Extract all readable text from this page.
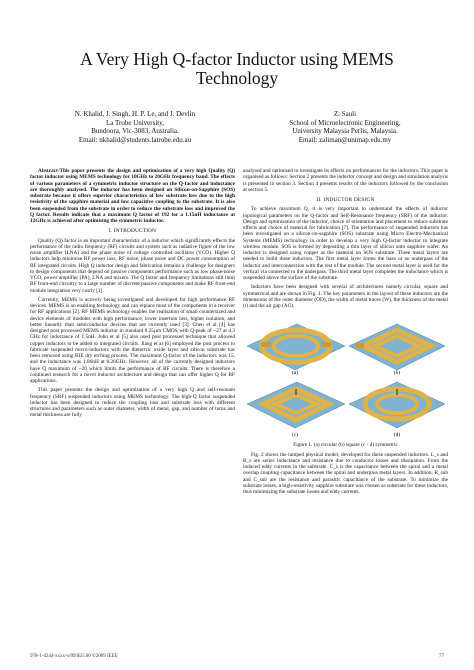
A Very High Q-factor Inductor using MEMS
Technology
N. Khalid, J. Singh, H. P. Le, and J. Devlin
La Trobe University,
Bundoora, Vic-3083, Australia.
Email: nkhalid@students.latrobe.edu.au
Z. Sauli
School of Microelectronic Engineering,
University Malaysia Perlis, Malaysia.
Email: zaliman@unimap.edu.my

Abstract-This paper presents the design and optimisation of a very high Quality (Q) factor inductor using MEMS technology for 10GHz to 20GHz frequency band. The effects of various parameters of a symmetric inductor structure on the Q-factor and inductance are thoroughly analysed. The inductor has been designed on Silicon-on-Sapphire (SOS) substrate because it offers superior characteristics of low substrate loss due to the high resistivity of the sapphire material and low capacitive coupling to the substrate. It is also been suspended from the substrate in order to reduce the substrate loss and improved the Q factor. Results indicate that a maximum Q factor of 192 for a 1.15nH inductance at 12GHz is achieved after optimising the symmetric inductor.

I. INTRODUCTION

Quality (Q) factor is an important characteristic of a inductor which significantly effects the performance of the radio frequency (RF) circuits and system such as radiative figure of the low noise amplifier (LNA) and the phase noise of voltage controlled oscillator (VCO). Higher Q inductors help minimise RF power loss, RF noise, phase noise and DC power consumption of RF integrated circuits. High Q inductor design and fabrication remains a challenge for designers to design components that depend on passive components performance such as low phase-noise VCO, power amplifier (PA), LNA and mixers. The Q factor and frequency limitations still limit RF front-end circuitry to a large number of discrete passive components and make RF front-end module integration very costly [1].

Currently, MEMS is actively being investigated and developed for high performance RF devices. MEMS is an enabling technology and can replace most of the components in a receiver for RF applications [2]. RF MEMS technology enables the realisation of small countersized and device elements of modules with high performance, lower insertion loss, higher isolation, and better linearity than semiconductor devices that are currently used [3]. Chen et al [4] has designed post processed MEMS inductor in standard 0.25µm CMOS with Q-peak of ~27 at 4.3 GHz for inductance of 1.5nH. John et al [5] also used post processed technique that allowed copper inductors to be added to integrated circuits. Jiang et al [6] employed the post process to fabricate suspended micro-inductors with the dielectric oxide layer and silicon substrate has been removed using RIE dry etching process. The maximum Q-factor of the inductors was 15, and the inductance was 1.86nH at 8.26GHz. However, all of the currently designed inductors have Q maximum of ~20 which limits the performance of RF circuits. There is therefore a continued research for a novel inductor architecture and design that can offer higher Q for RF applications.

This paper presents the design and optimisation of a very high Q and self-resonant frequency (SRF) suspended inductors using MEMS technology. The high-Q factor suspended inductor has been designed to reduce the coupling loss and substrate loss with different structures and parameters such as outer diameter, width of metal, gap, and number of turns and metal thickness are fully

analysed and optimised to investigate its effects on performances for the inductors. This paper is organised as follows: Section 2 presents the inductor concept and design and simulation analysis is presented in section 3. Section 4 presents results of the inductors followed by the conclusion at section 5.

II. INDUCTOR DESIGN

To achieve maximum Q, it is very important to understand the effects of inductor topological parameters on the Q-factor and Self-Resonance frequency (SRF) of the inductor. Design and optimisation of the inductor, choice of orientation and placement to reduce substrate effects and choice of material for fabrication [7]. The performance of suspended inductors has been investigated on a silicon-on-sapphire (SOS) substrate using Micro Electro-Mechanical Systems (MEMS) technology in order to develop a very high Q-factor inductor to integrate wireless module. SOS is formed by depositing a thin layer of silicon onto sapphire wafer. An inductor is designed using copper as the material on SOS substrate. Three metal layers are needed to build these inductors. The first metal layer forms the base or an underpass of the inductor and interconnection with the rest of the module. The second metal layer is used for the vertical via connected to the underpass. The third metal layer completes the inductance which is suspended above the surface of the substrate.

Inductors have been designed with several of architectures namely circular, square and symmetrical and are shown in Fig. 1. The key parameters in the layout of these inductors are the dimensions of the outer diameter (OD), the width of metal traces (W), the thickness of the metal (t) and the air gap (AG).

(a)	(b)
(c)	(d)
Figure 1. (a) circular (b) square (c - d) symmetric

Fig. 2 shows the lumped physical model, developed for these suspended inductors. L_s and R_s are series inductance and resistance due to conductor losses and dissipation. From the induced eddy currents in the substrate. C_s is the capacitance between the spiral and a metal overlap coupling capacitance between the spiral and underpass metal layers. In addition, R_sub and C_sub are the resistance and parasitic capacitance of the substrate. To minimize the substrate losses, a high-resistivity sapphire substrate was chosen as substrate for these inductors, thus minimizing the substrate losses and eddy currents.

978-1-4244-xxxx-x/09/$25.00 ©2009 IEEE	77
